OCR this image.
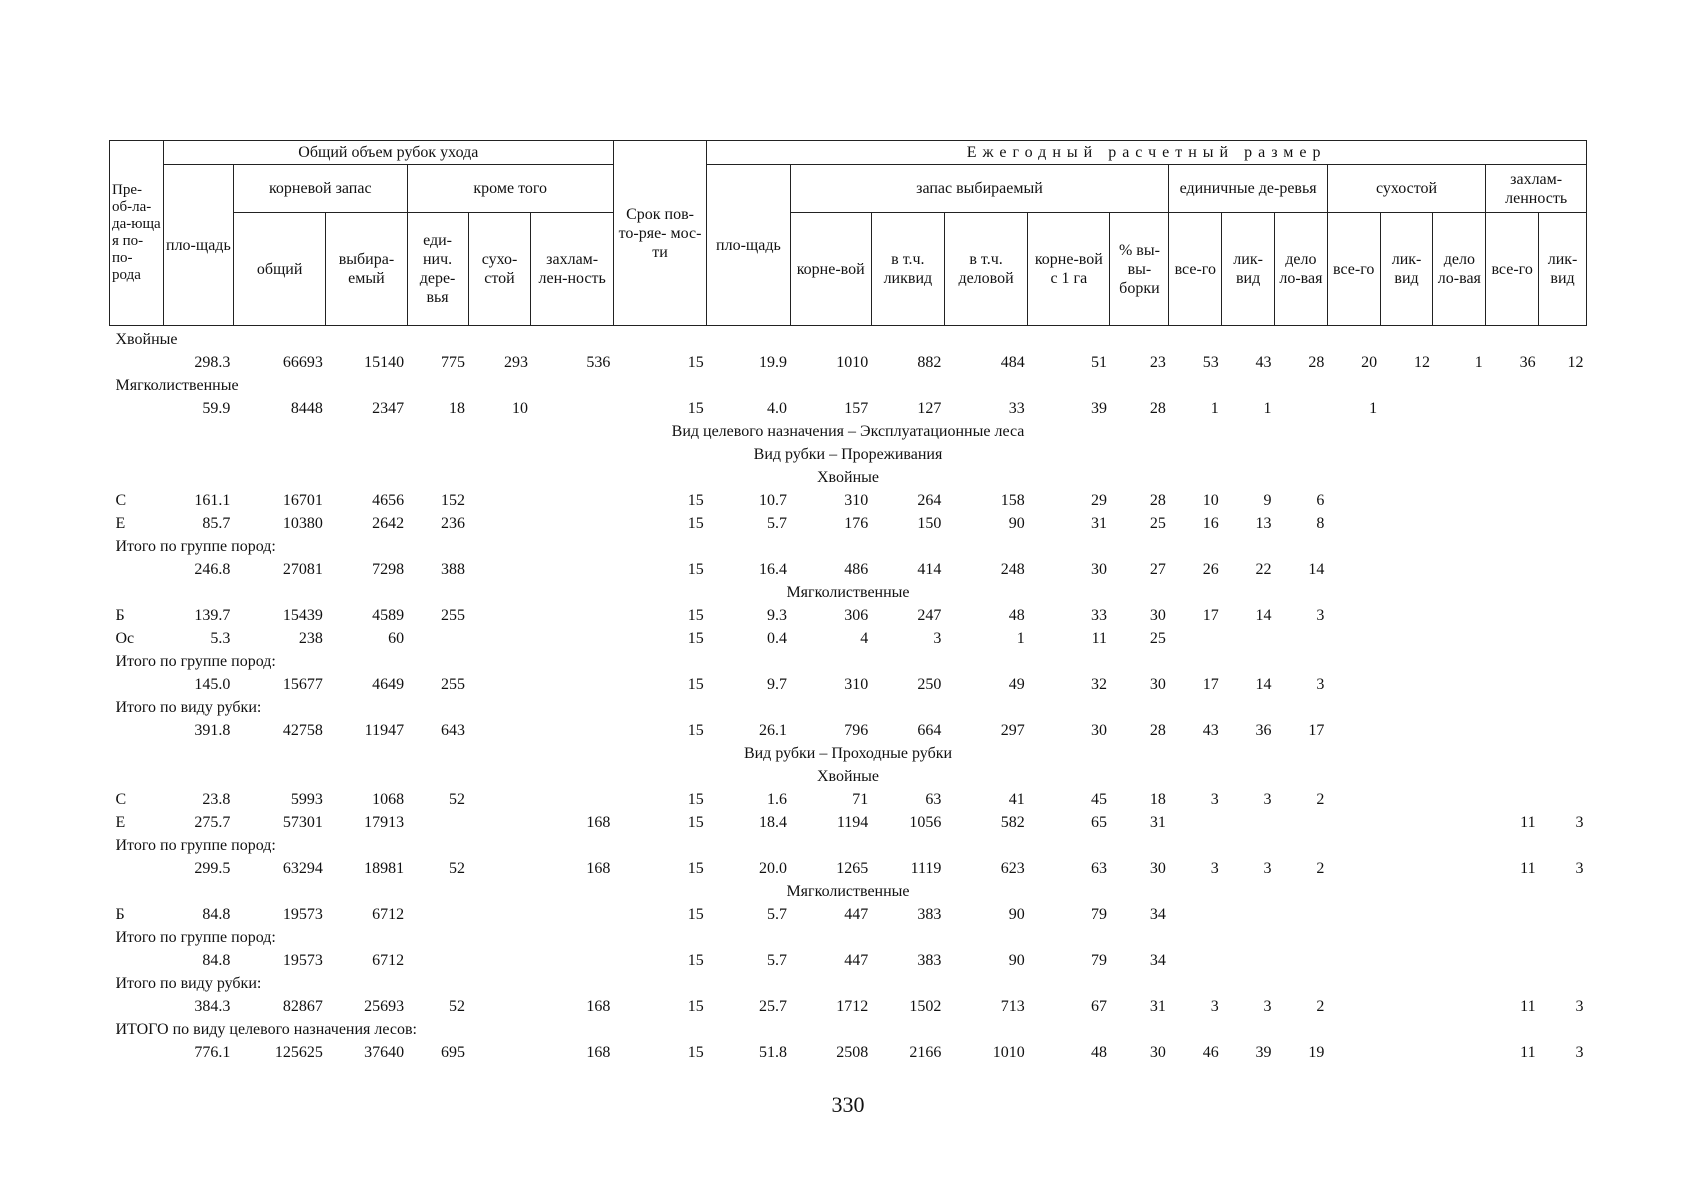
Пре-об-ла-да-юща я по-по-рода	Общий объем рубок ухода						Срок пов- то-ряе- мос-ти	Ежегодный расчетный размер													
	пло-щадь	корневой запас		кроме того				пло-щадь	запас выбираемый					единичные де-ревья			сухостой			захлам-ленность	
		общий	выбира-емый	еди-нич. дере-вья	сухо-стой	захлам-лен-ность			корне-вой	в т.ч. ликвид	в т.ч. деловой	корне-вой с 1 га	% вы-вы-борки	все-го	лик-вид	дело ло-вая	все-го	лик-вид	дело ло-вая	все-го	лик-вид
Хвойные																					
	298.3	66693	15140	775	293	536	15	19.9	1010	882	484	51	23	53	43	28	20	12	1	36	12
Мягколиственные																					
	59.9	8448	2347	18	10		15	4.0	157	127	33	39	28	1	1		1				
Вид целевого назначения – Эксплуатационные леса																					
Вид рубки – Прореживания																					
Хвойные																					
С	161.1	16701	4656	152			15	10.7	310	264	158	29	28	10	9	6					
Е	85.7	10380	2642	236			15	5.7	176	150	90	31	25	16	13	8					
Итого по группе пород:																					
	246.8	27081	7298	388			15	16.4	486	414	248	30	27	26	22	14					
Мягколиственные																					
Б	139.7	15439	4589	255			15	9.3	306	247	48	33	30	17	14	3					
Ос	5.3	238	60				15	0.4	4	3	1	11	25								
Итого по группе пород:																					
	145.0	15677	4649	255			15	9.7	310	250	49	32	30	17	14	3					
Итого по виду рубки:																					
	391.8	42758	11947	643			15	26.1	796	664	297	30	28	43	36	17					
Вид рубки – Проходные рубки																					
Хвойные																					
С	23.8	5993	1068	52			15	1.6	71	63	41	45	18	3	3	2					
Е	275.7	57301	17913			168	15	18.4	1194	1056	582	65	31							11	3
Итого по группе пород:																					
	299.5	63294	18981	52		168	15	20.0	1265	1119	623	63	30	3	3	2				11	3
Мягколиственные																					
Б	84.8	19573	6712				15	5.7	447	383	90	79	34								
Итого по группе пород:																					
	84.8	19573	6712				15	5.7	447	383	90	79	34								
Итого по виду рубки:																					
	384.3	82867	25693	52		168	15	25.7	1712	1502	713	67	31	3	3	2				11	3
ИТОГО по виду целевого назначения лесов:																					
	776.1	125625	37640	695		168	15	51.8	2508	2166	1010	48	30	46	39	19				11	3
330
